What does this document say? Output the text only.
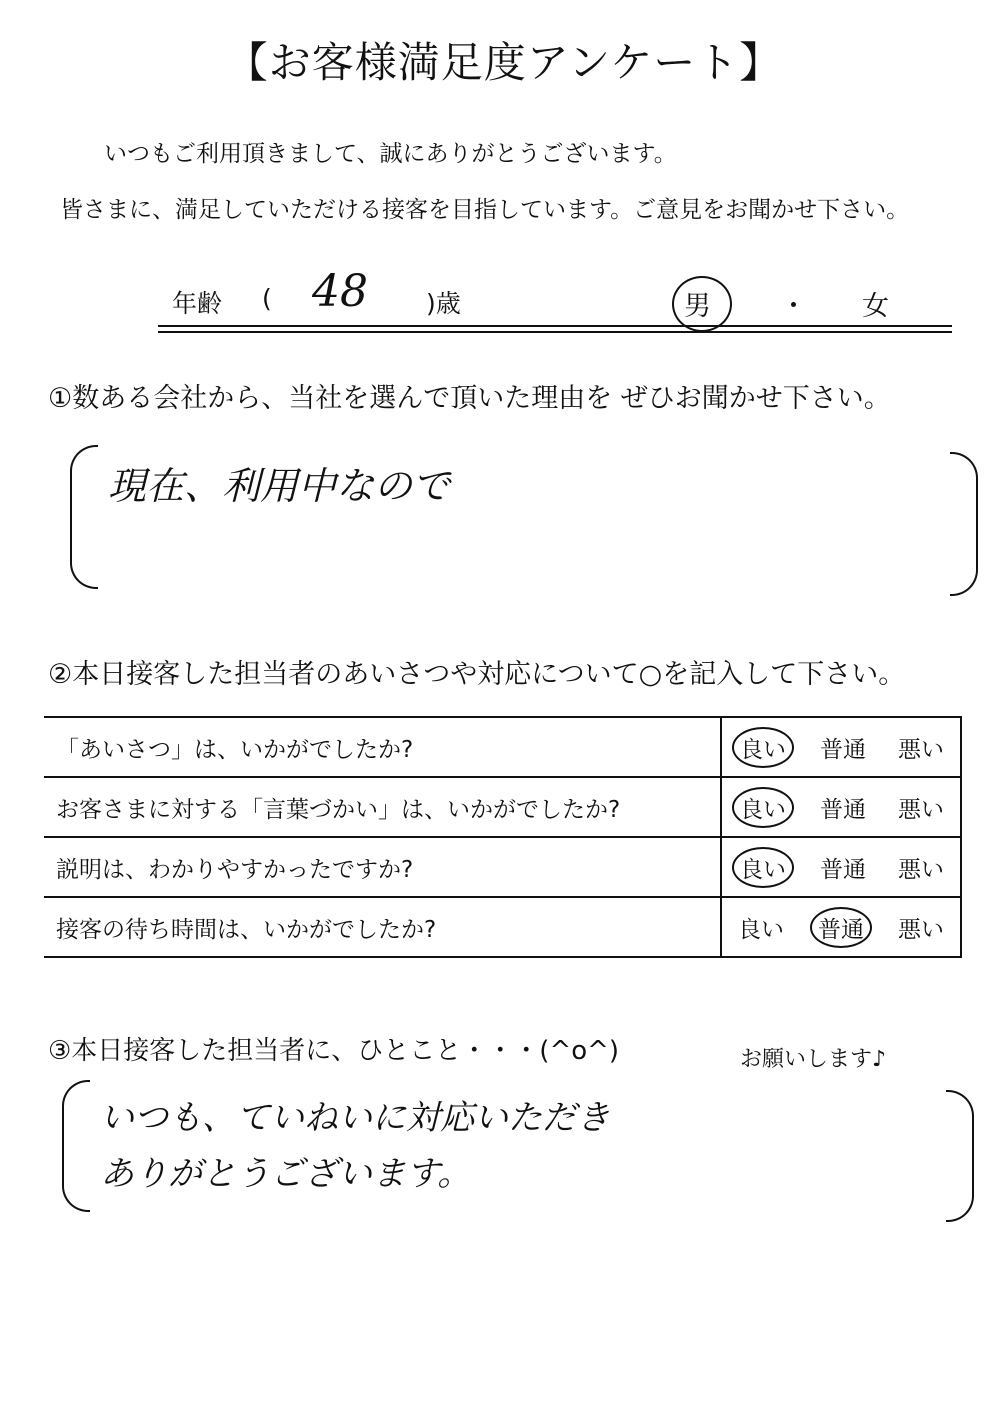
【お客様満足度アンケート】
いつもご利用頂きまして、誠にありがとうございます。
皆さまに、満足していただける接客を目指しています。ご意見をお聞かせ下さい。
年齢 ( 48 )歳	男	・ 女
①数ある会社から、当社を選んで頂いた理由を ぜひお聞かせ下さい。
現在、利用中なので
②本日接客した担当者のあいさつや対応について○を記入して下さい。
「あいさつ」は、いかがでしたか?	良い 普通 悪い

お客さまに対する「言葉づかい」は、いかがでしたか?	良い 普通 悪い

説明は、わかりやすかったですか?	良い 普通 悪い

接客の待ち時間は、いかがでしたか?	良い 普通 悪い
③本日接客した担当者に、ひとこと・・・(^o^)	お願いします♪
いつも、ていねいに対応いただき
ありがとうございます。
